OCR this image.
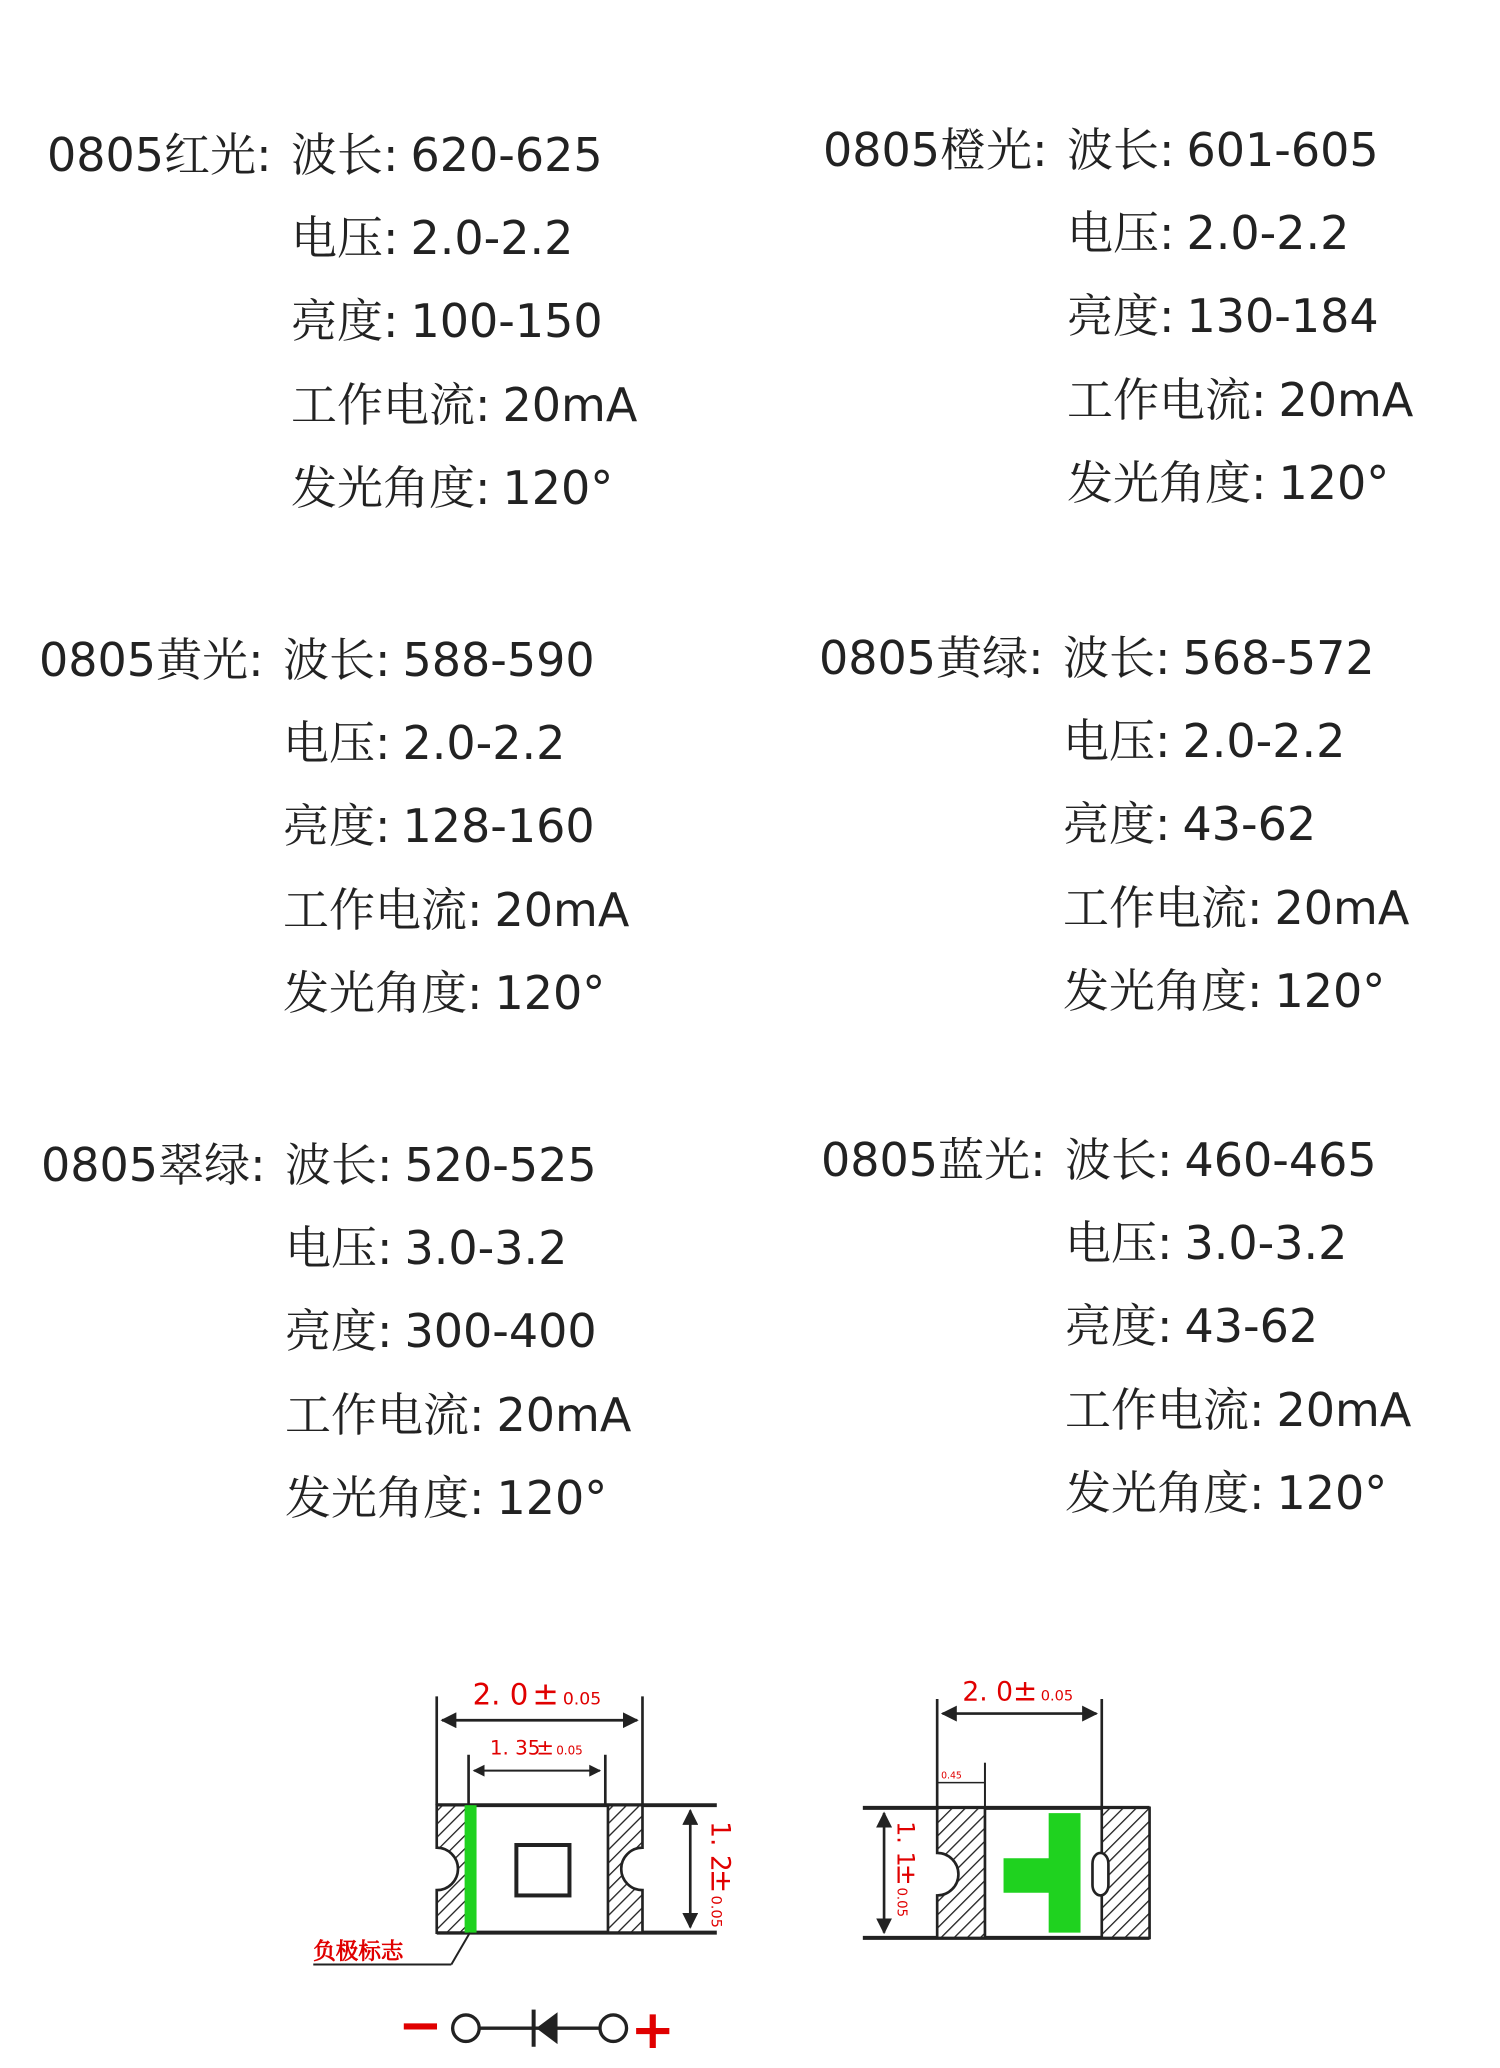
0805红光: 波长: 620-625
电压: 2.0-2.2
亮度: 100-150
工作电流: 20mA
发光角度: 120°
0805橙光: 波长: 601-605
电压: 2.0-2.2
亮度: 130-184
工作电流: 20mA
发光角度: 120°
0805黄光: 波长: 588-590
电压: 2.0-2.2
亮度: 128-160
工作电流: 20mA
发光角度: 120°
0805黄绿: 波长: 568-572
电压: 2.0-2.2
亮度: 43-62
工作电流: 20mA
发光角度: 120°
0805翠绿: 波长: 520-525
电压: 3.0-3.2
亮度: 300-400
工作电流: 20mA
发光角度: 120°
0805蓝光: 波长: 460-465
电压: 3.0-3.2
亮度: 43-62
工作电流: 20mA
发光角度: 120°
2. 0 ± 0.05
1. 35
± 0.05
1. 2
±
0.05
负极标志
−	+
2. 0 ± 0.05
0.45
1. 1
±
0.05
